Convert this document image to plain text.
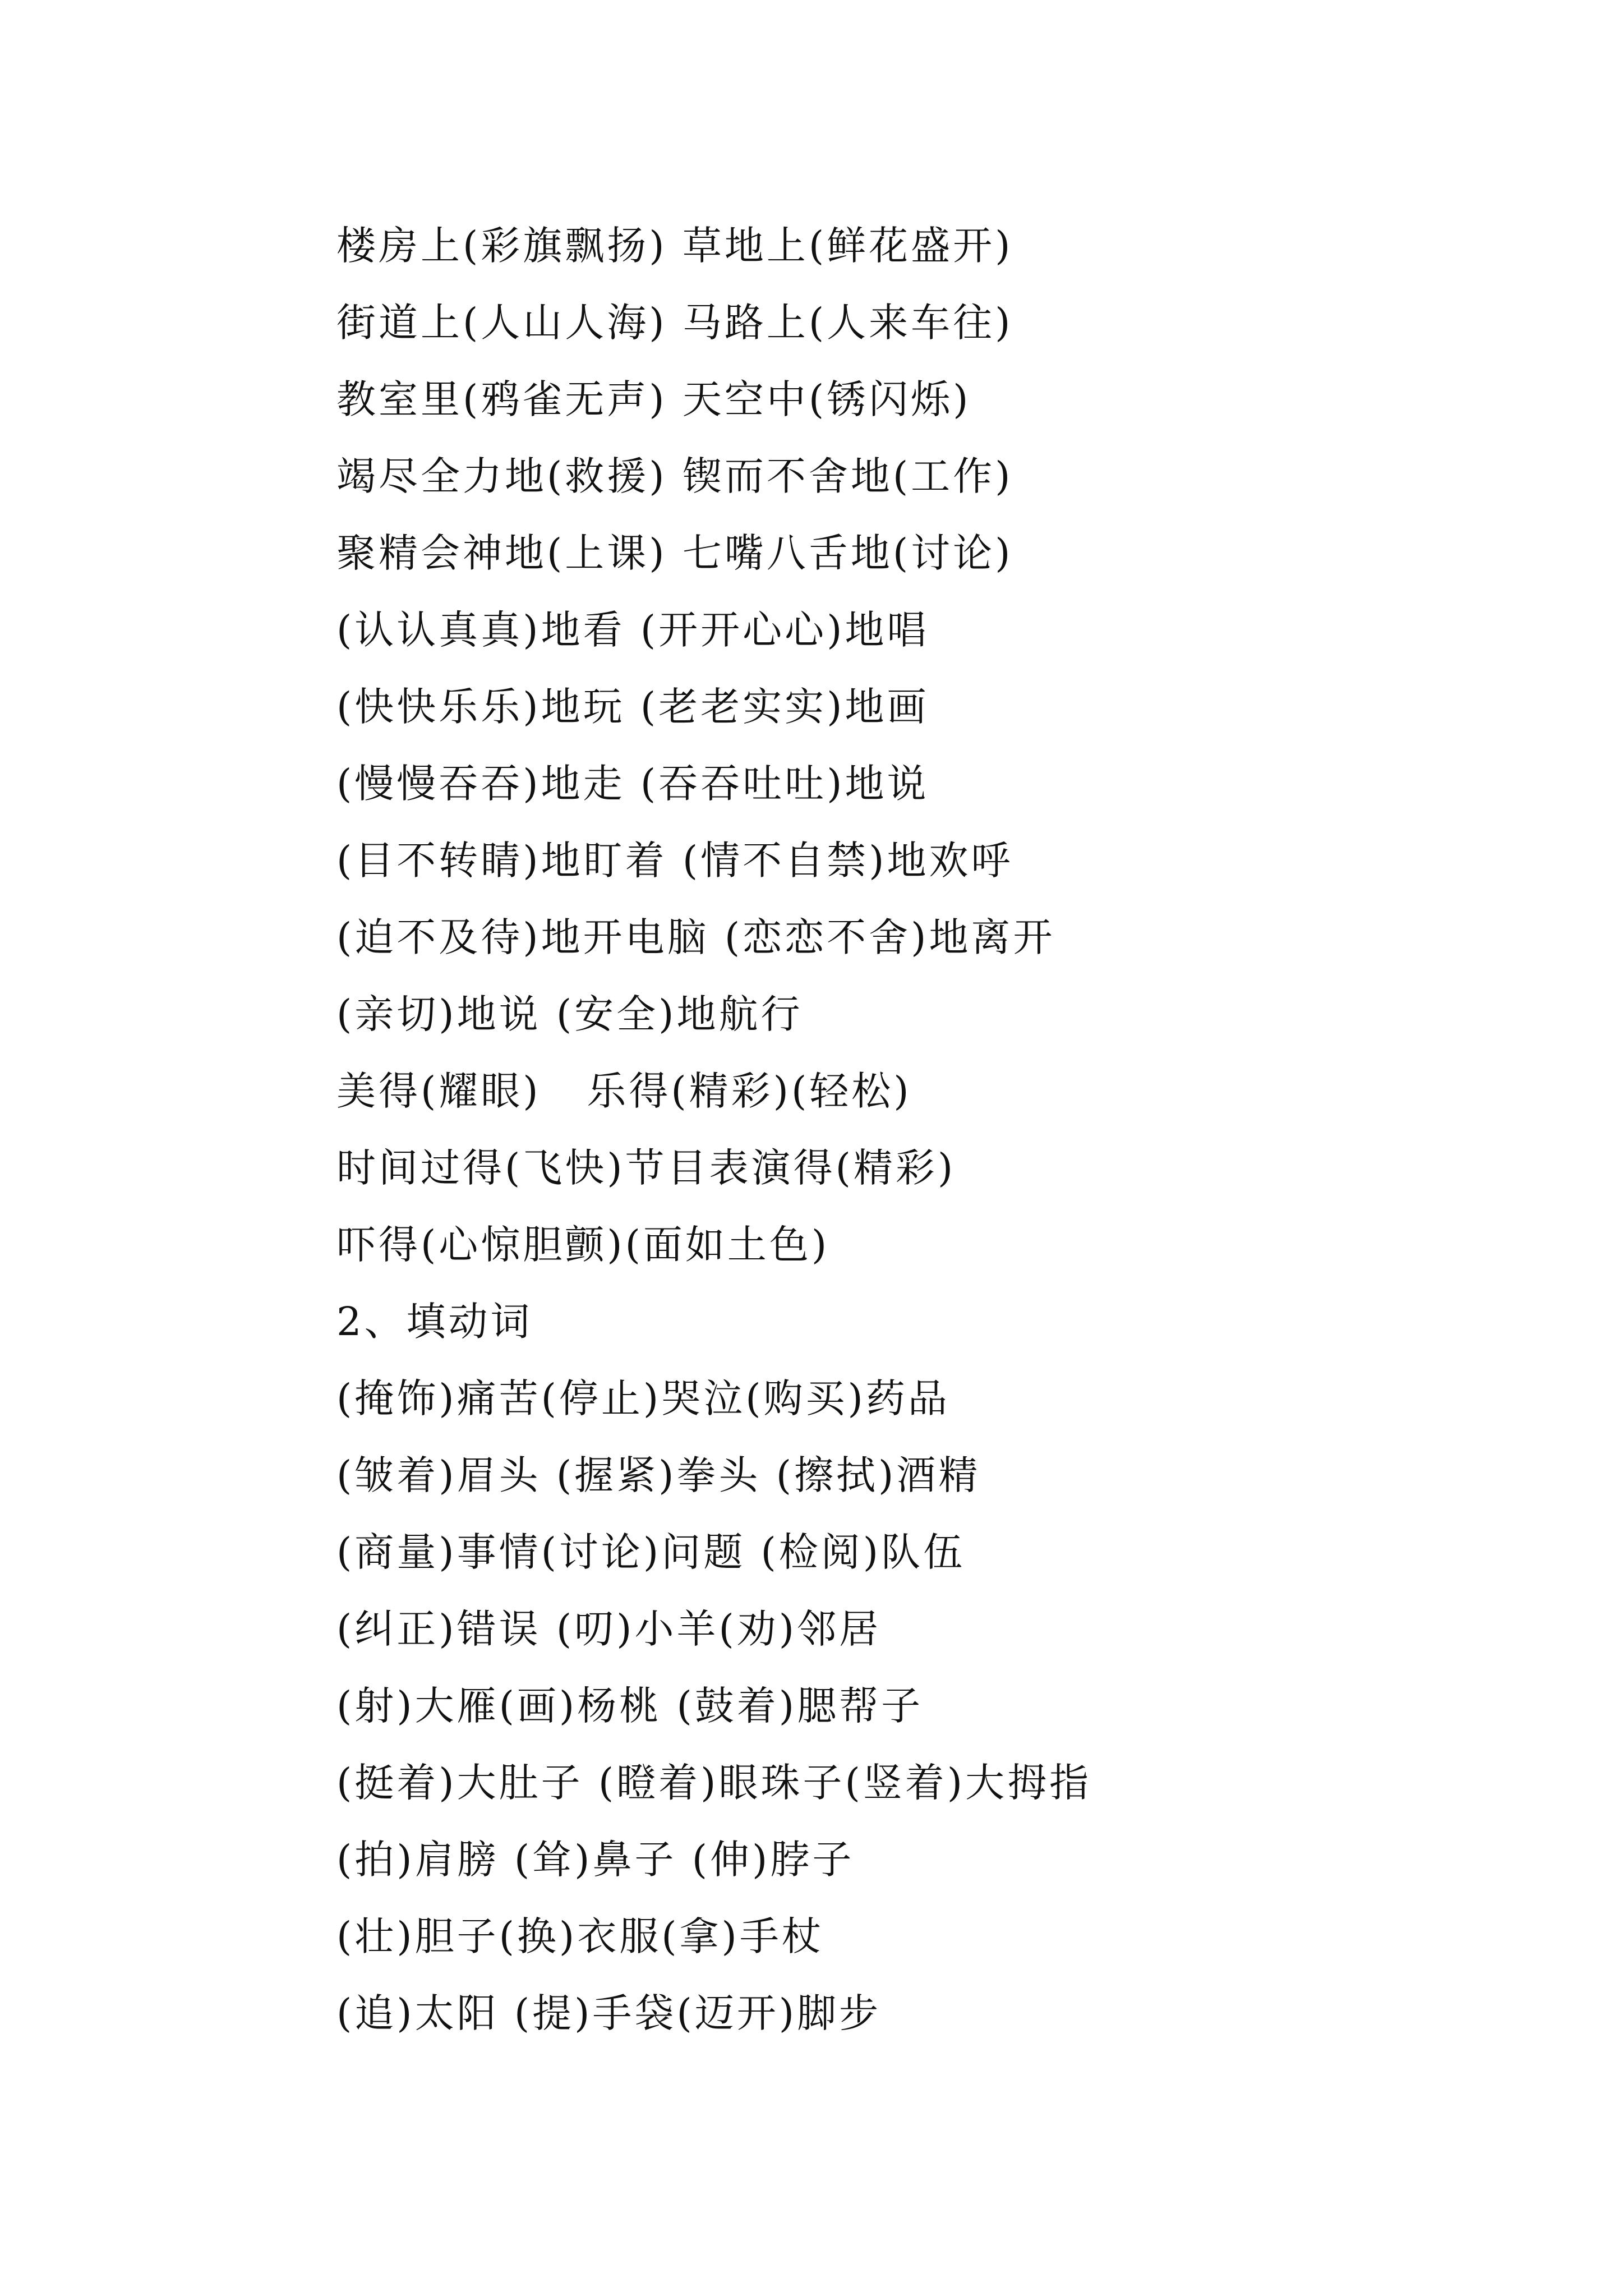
楼房上(彩旗飘扬) 草地上(鲜花盛开)
街道上(人山人海) 马路上(人来车往)
教室里(鸦雀无声) 天空中(锈闪烁)
竭尽全力地(救援) 锲而不舍地(工作)
聚精会神地(上课) 七嘴八舌地(讨论)
(认认真真)地看 (开开心心)地唱
(快快乐乐)地玩 (老老实实)地画
(慢慢吞吞)地走 (吞吞吐吐)地说
(目不转睛)地盯着 (情不自禁)地欢呼
(迫不及待)地开电脑 (恋恋不舍)地离开
(亲切)地说 (安全)地航行
美得(耀眼)   乐得(精彩)(轻松)
时间过得(飞快)节目表演得(精彩)
吓得(心惊胆颤)(面如土色)
2、填动词
(掩饰)痛苦(停止)哭泣(购买)药品
(皱着)眉头 (握紧)拳头 (擦拭)酒精
(商量)事情(讨论)问题 (检阅)队伍
(纠正)错误 (叨)小羊(劝)邻居
(射)大雁(画)杨桃 (鼓着)腮帮子
(挺着)大肚子 (瞪着)眼珠子(竖着)大拇指
(拍)肩膀 (耸)鼻子 (伸)脖子
(壮)胆子(换)衣服(拿)手杖
(追)太阳 (提)手袋(迈开)脚步
